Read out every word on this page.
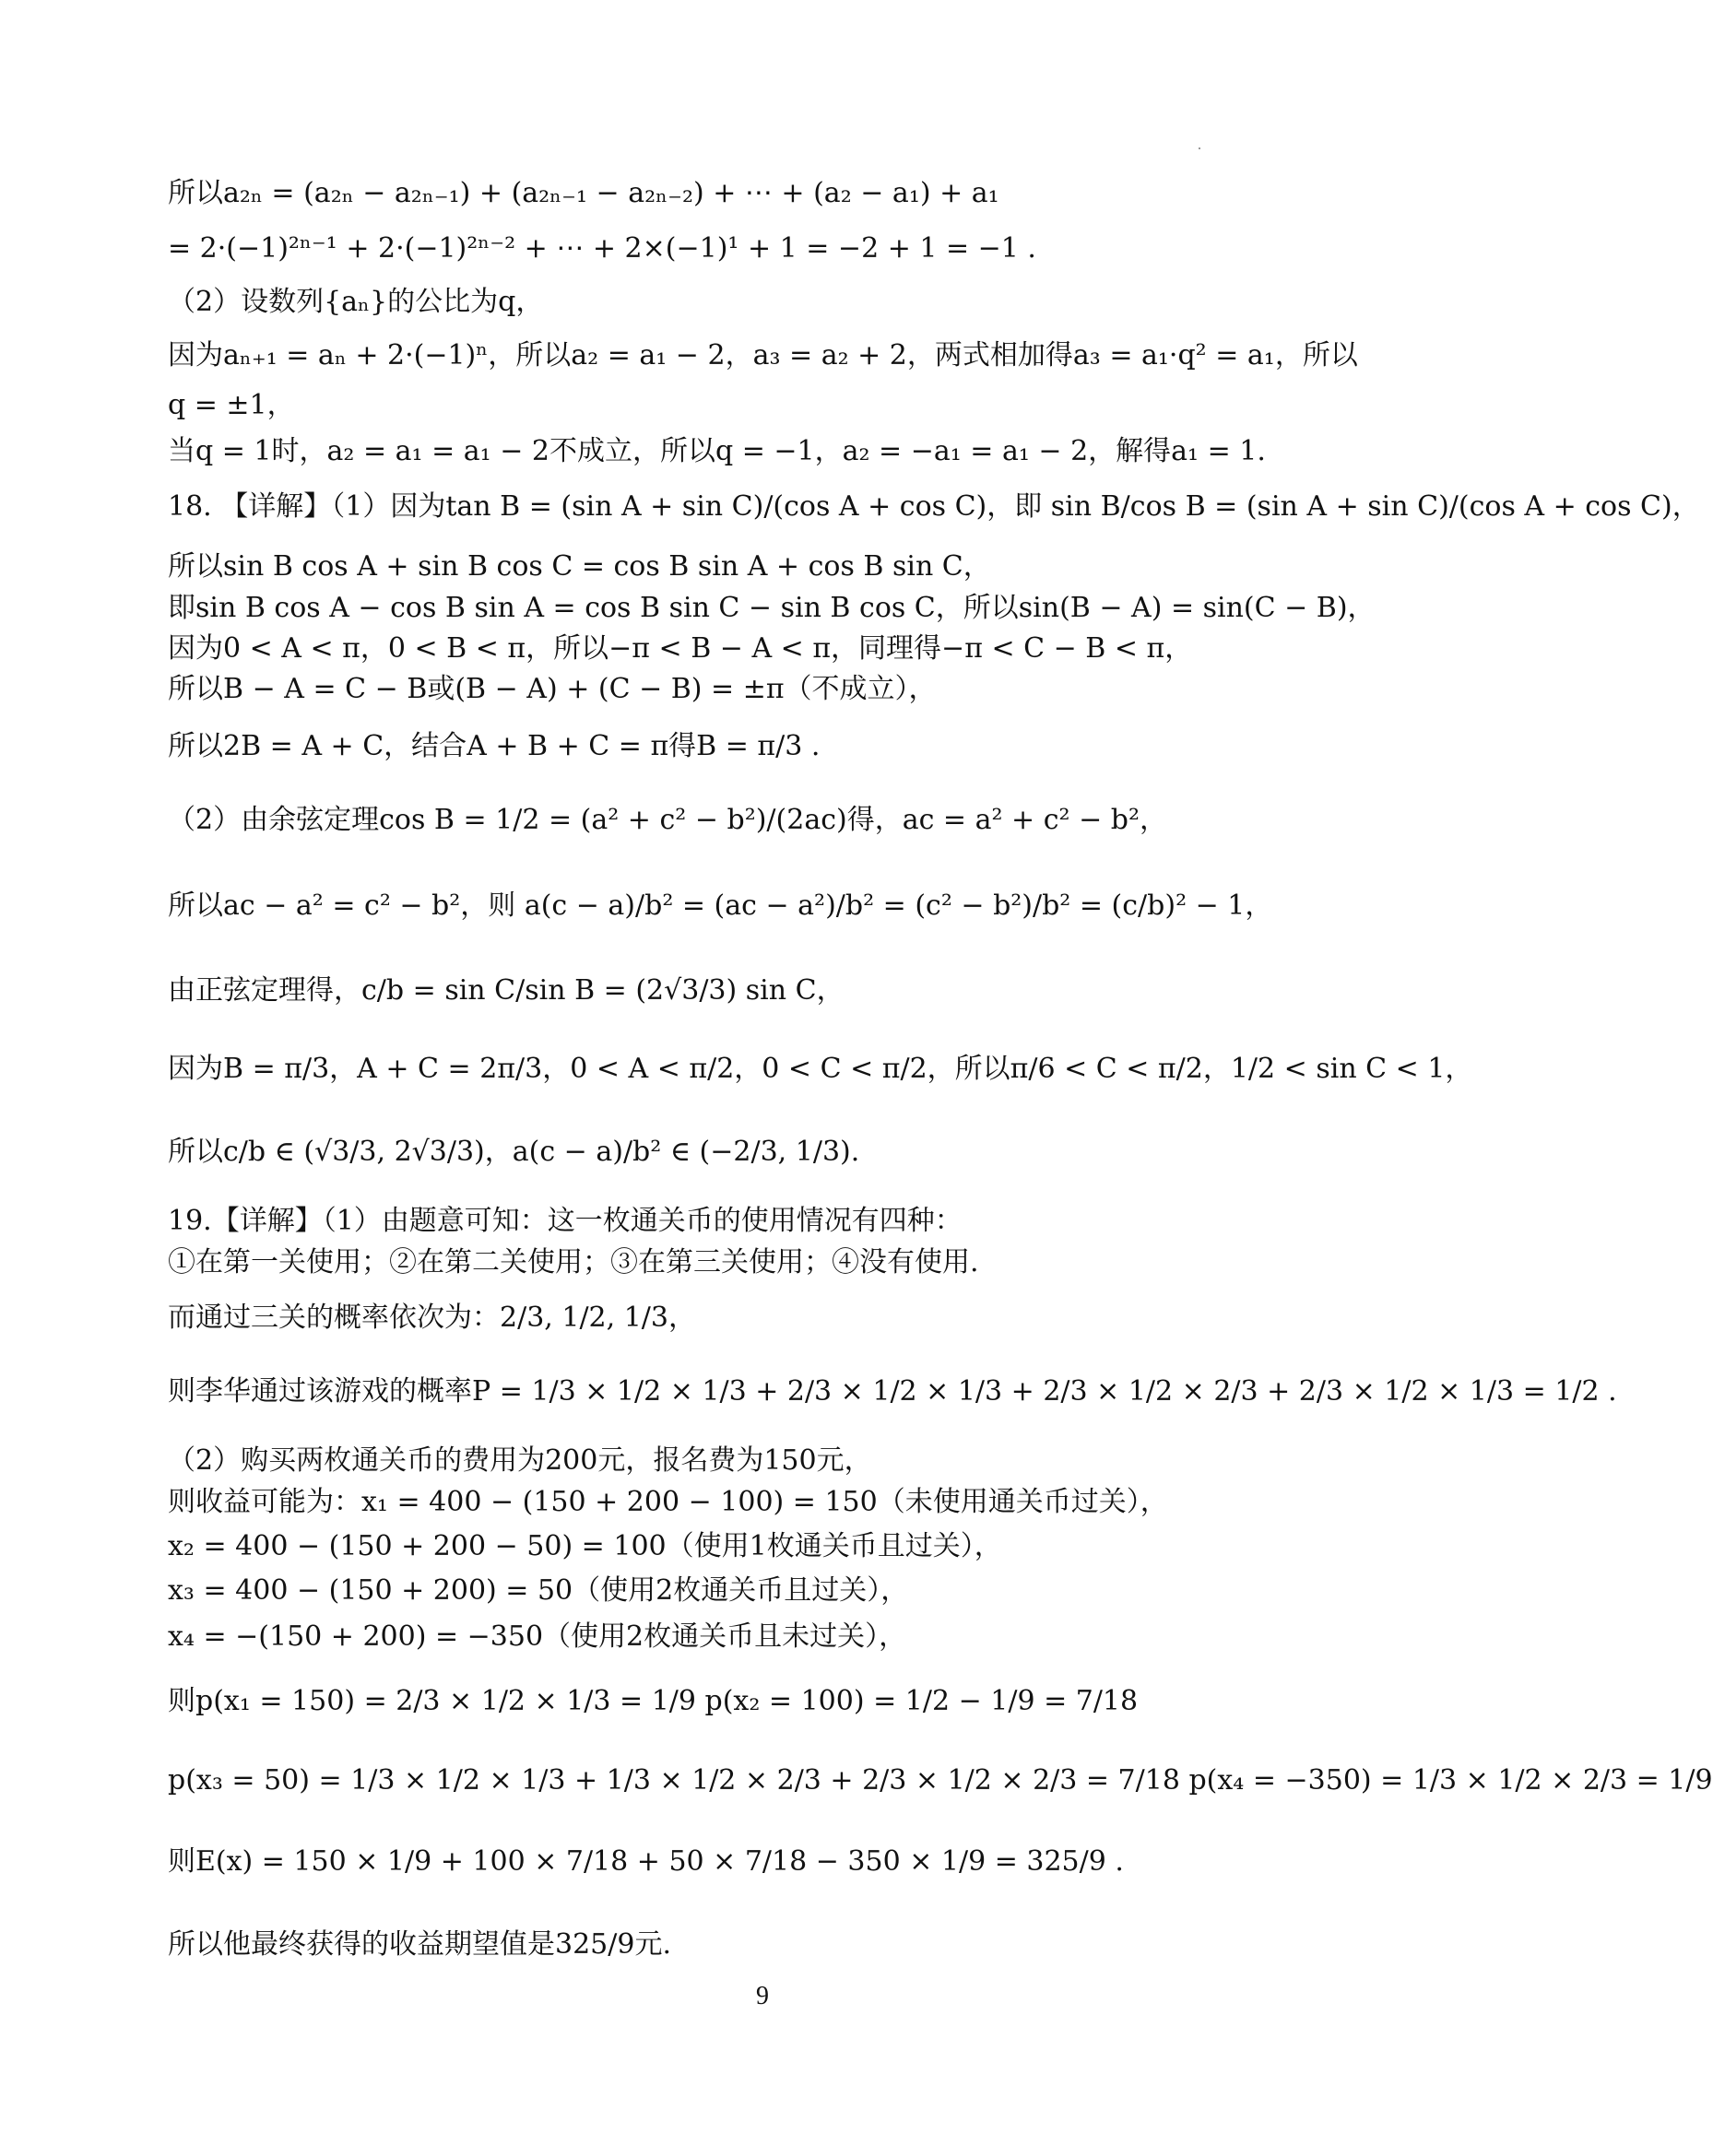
所以a₂ₙ = (a₂ₙ − a₂ₙ₋₁) + (a₂ₙ₋₁ − a₂ₙ₋₂) + ⋯ + (a₂ − a₁) + a₁
= 2·(−1)²ⁿ⁻¹ + 2·(−1)²ⁿ⁻² + ⋯ + 2×(−1)¹ + 1 = −2 + 1 = −1 .
（2）设数列{aₙ}的公比为q，
因为aₙ₊₁ = aₙ + 2·(−1)ⁿ，所以a₂ = a₁ − 2，a₃ = a₂ + 2，两式相加得a₃ = a₁·q² = a₁，所以
q = ±1，
当q = 1时，a₂ = a₁ = a₁ − 2不成立，所以q = −1，a₂ = −a₁ = a₁ − 2，解得a₁ = 1.
18. 【详解】（1）因为tan B = (sin A + sin C)/(cos A + cos C)，即 sin B/cos B = (sin A + sin C)/(cos A + cos C)，
所以sin B cos A + sin B cos C = cos B sin A + cos B sin C，
即sin B cos A − cos B sin A = cos B sin C − sin B cos C，所以sin(B − A) = sin(C − B)，
因为0 < A < π，0 < B < π，所以−π < B − A < π，同理得−π < C − B < π，
所以B − A = C − B或(B − A) + (C − B) = ±π（不成立），
所以2B = A + C，结合A + B + C = π得B = π/3 .
（2）由余弦定理cos B = 1/2 = (a² + c² − b²)/(2ac)得，ac = a² + c² − b²，
所以ac − a² = c² − b²，则 a(c − a)/b² = (ac − a²)/b² = (c² − b²)/b² = (c/b)² − 1，
由正弦定理得，c/b = sin C/sin B = (2√3/3) sin C，
因为B = π/3，A + C = 2π/3，0 < A < π/2，0 < C < π/2，所以π/6 < C < π/2，1/2 < sin C < 1，
所以c/b ∈ (√3/3, 2√3/3)，a(c − a)/b² ∈ (−2/3, 1/3).
19.【详解】（1）由题意可知：这一枚通关币的使用情况有四种：
①在第一关使用；②在第二关使用；③在第三关使用；④没有使用.
而通过三关的概率依次为：2/3, 1/2, 1/3，
则李华通过该游戏的概率P = 1/3 × 1/2 × 1/3 + 2/3 × 1/2 × 1/3 + 2/3 × 1/2 × 2/3 + 2/3 × 1/2 × 1/3 = 1/2 .
（2）购买两枚通关币的费用为200元，报名费为150元，
则收益可能为：x₁ = 400 − (150 + 200 − 100) = 150（未使用通关币过关），
x₂ = 400 − (150 + 200 − 50) = 100（使用1枚通关币且过关），
x₃ = 400 − (150 + 200) = 50（使用2枚通关币且过关），
x₄ = −(150 + 200) = −350（使用2枚通关币且未过关），
则p(x₁ = 150) = 2/3 × 1/2 × 1/3 = 1/9 p(x₂ = 100) = 1/2 − 1/9 = 7/18
p(x₃ = 50) = 1/3 × 1/2 × 1/3 + 1/3 × 1/2 × 2/3 + 2/3 × 1/2 × 2/3 = 7/18 p(x₄ = −350) = 1/3 × 1/2 × 2/3 = 1/9
则E(x) = 150 × 1/9 + 100 × 7/18 + 50 × 7/18 − 350 × 1/9 = 325/9 .
所以他最终获得的收益期望值是325/9元.
9
